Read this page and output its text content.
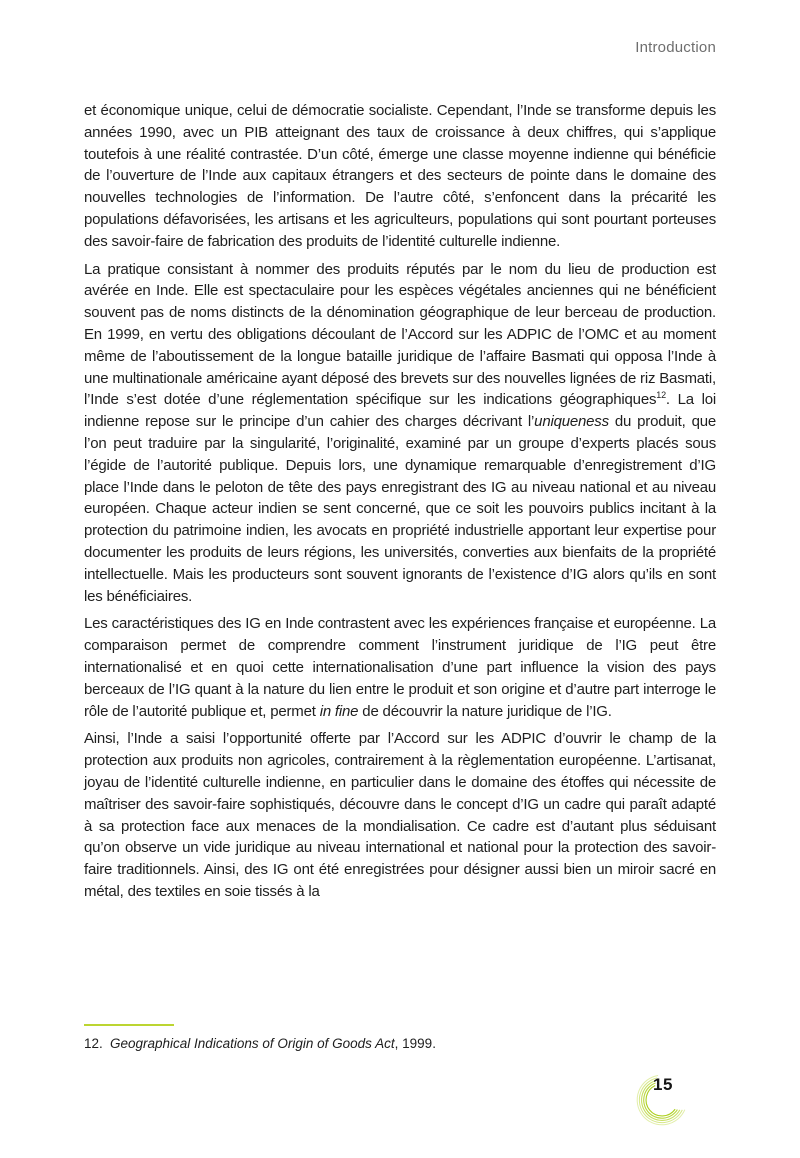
Introduction

et économique unique, celui de démocratie socialiste. Cependant, l’Inde se transforme depuis les années 1990, avec un PIB atteignant des taux de croissance à deux chiffres, qui s’applique toutefois à une réalité contrastée. D’un côté, émerge une classe moyenne indienne qui bénéficie de l’ouverture de l’Inde aux capitaux étrangers et des secteurs de pointe dans le domaine des nouvelles technologies de l’information. De l’autre côté, s’enfoncent dans la précarité les populations défavorisées, les artisans et les agriculteurs, populations qui sont pourtant porteuses des savoir-faire de fabrication des produits de l’identité culturelle indienne.

La pratique consistant à nommer des produits réputés par le nom du lieu de production est avérée en Inde. Elle est spectaculaire pour les espèces végétales anciennes qui ne bénéficient souvent pas de noms distincts de la dénomination géographique de leur berceau de production. En 1999, en vertu des obligations découlant de l’Accord sur les ADPIC de l’OMC et au moment même de l’aboutissement de la longue bataille juridique de l’affaire Basmati qui opposa l’Inde à une multinationale américaine ayant déposé des brevets sur des nouvelles lignées de riz Basmati, l’Inde s’est dotée d’une réglementation spécifique sur les indications géographiques$^{12}$. La loi indienne repose sur le principe d’un cahier des charges décrivant l’uniqueness du produit, que l’on peut traduire par la singularité, l’originalité, examiné par un groupe d’experts placés sous l’égide de l’autorité publique. Depuis lors, une dynamique remarquable d’enregistrement d’IG place l’Inde dans le peloton de tête des pays enregistrant des IG au niveau national et au niveau européen. Chaque acteur indien se sent concerné, que ce soit les pouvoirs publics incitant à la protection du patrimoine indien, les avocats en propriété industrielle apportant leur expertise pour documenter les produits de leurs régions, les universités, converties aux bienfaits de la propriété intellectuelle. Mais les producteurs sont souvent ignorants de l’existence d’IG alors qu’ils en sont les bénéficiaires.

Les caractéristiques des IG en Inde contrastent avec les expériences française et européenne. La comparaison permet de comprendre comment l’instrument juridique de l’IG peut être internationalisé et en quoi cette internationalisation d’une part influence la vision des pays berceaux de l’IG quant à la nature du lien entre le produit et son origine et d’autre part interroge le rôle de l’autorité publique et, permet in fine de découvrir la nature juridique de l’IG.

Ainsi, l’Inde a saisi l’opportunité offerte par l’Accord sur les ADPIC d’ouvrir le champ de la protection aux produits non agricoles, contrairement à la règlementation européenne. L’artisanat, joyau de l’identité culturelle indienne, en particulier dans le domaine des étoffes qui nécessite de maîtriser des savoir-faire sophistiqués, découvre dans le concept d’IG un cadre qui paraît adapté à sa protection face aux menaces de la mondialisation. Ce cadre est d’autant plus séduisant qu’on observe un vide juridique au niveau international et national pour la protection des savoir-faire traditionnels. Ainsi, des IG ont été enregistrées pour désigner aussi bien un miroir sacré en métal, des textiles en soie tissés à la

12. Geographical Indications of Origin of Goods Act, 1999.
15
